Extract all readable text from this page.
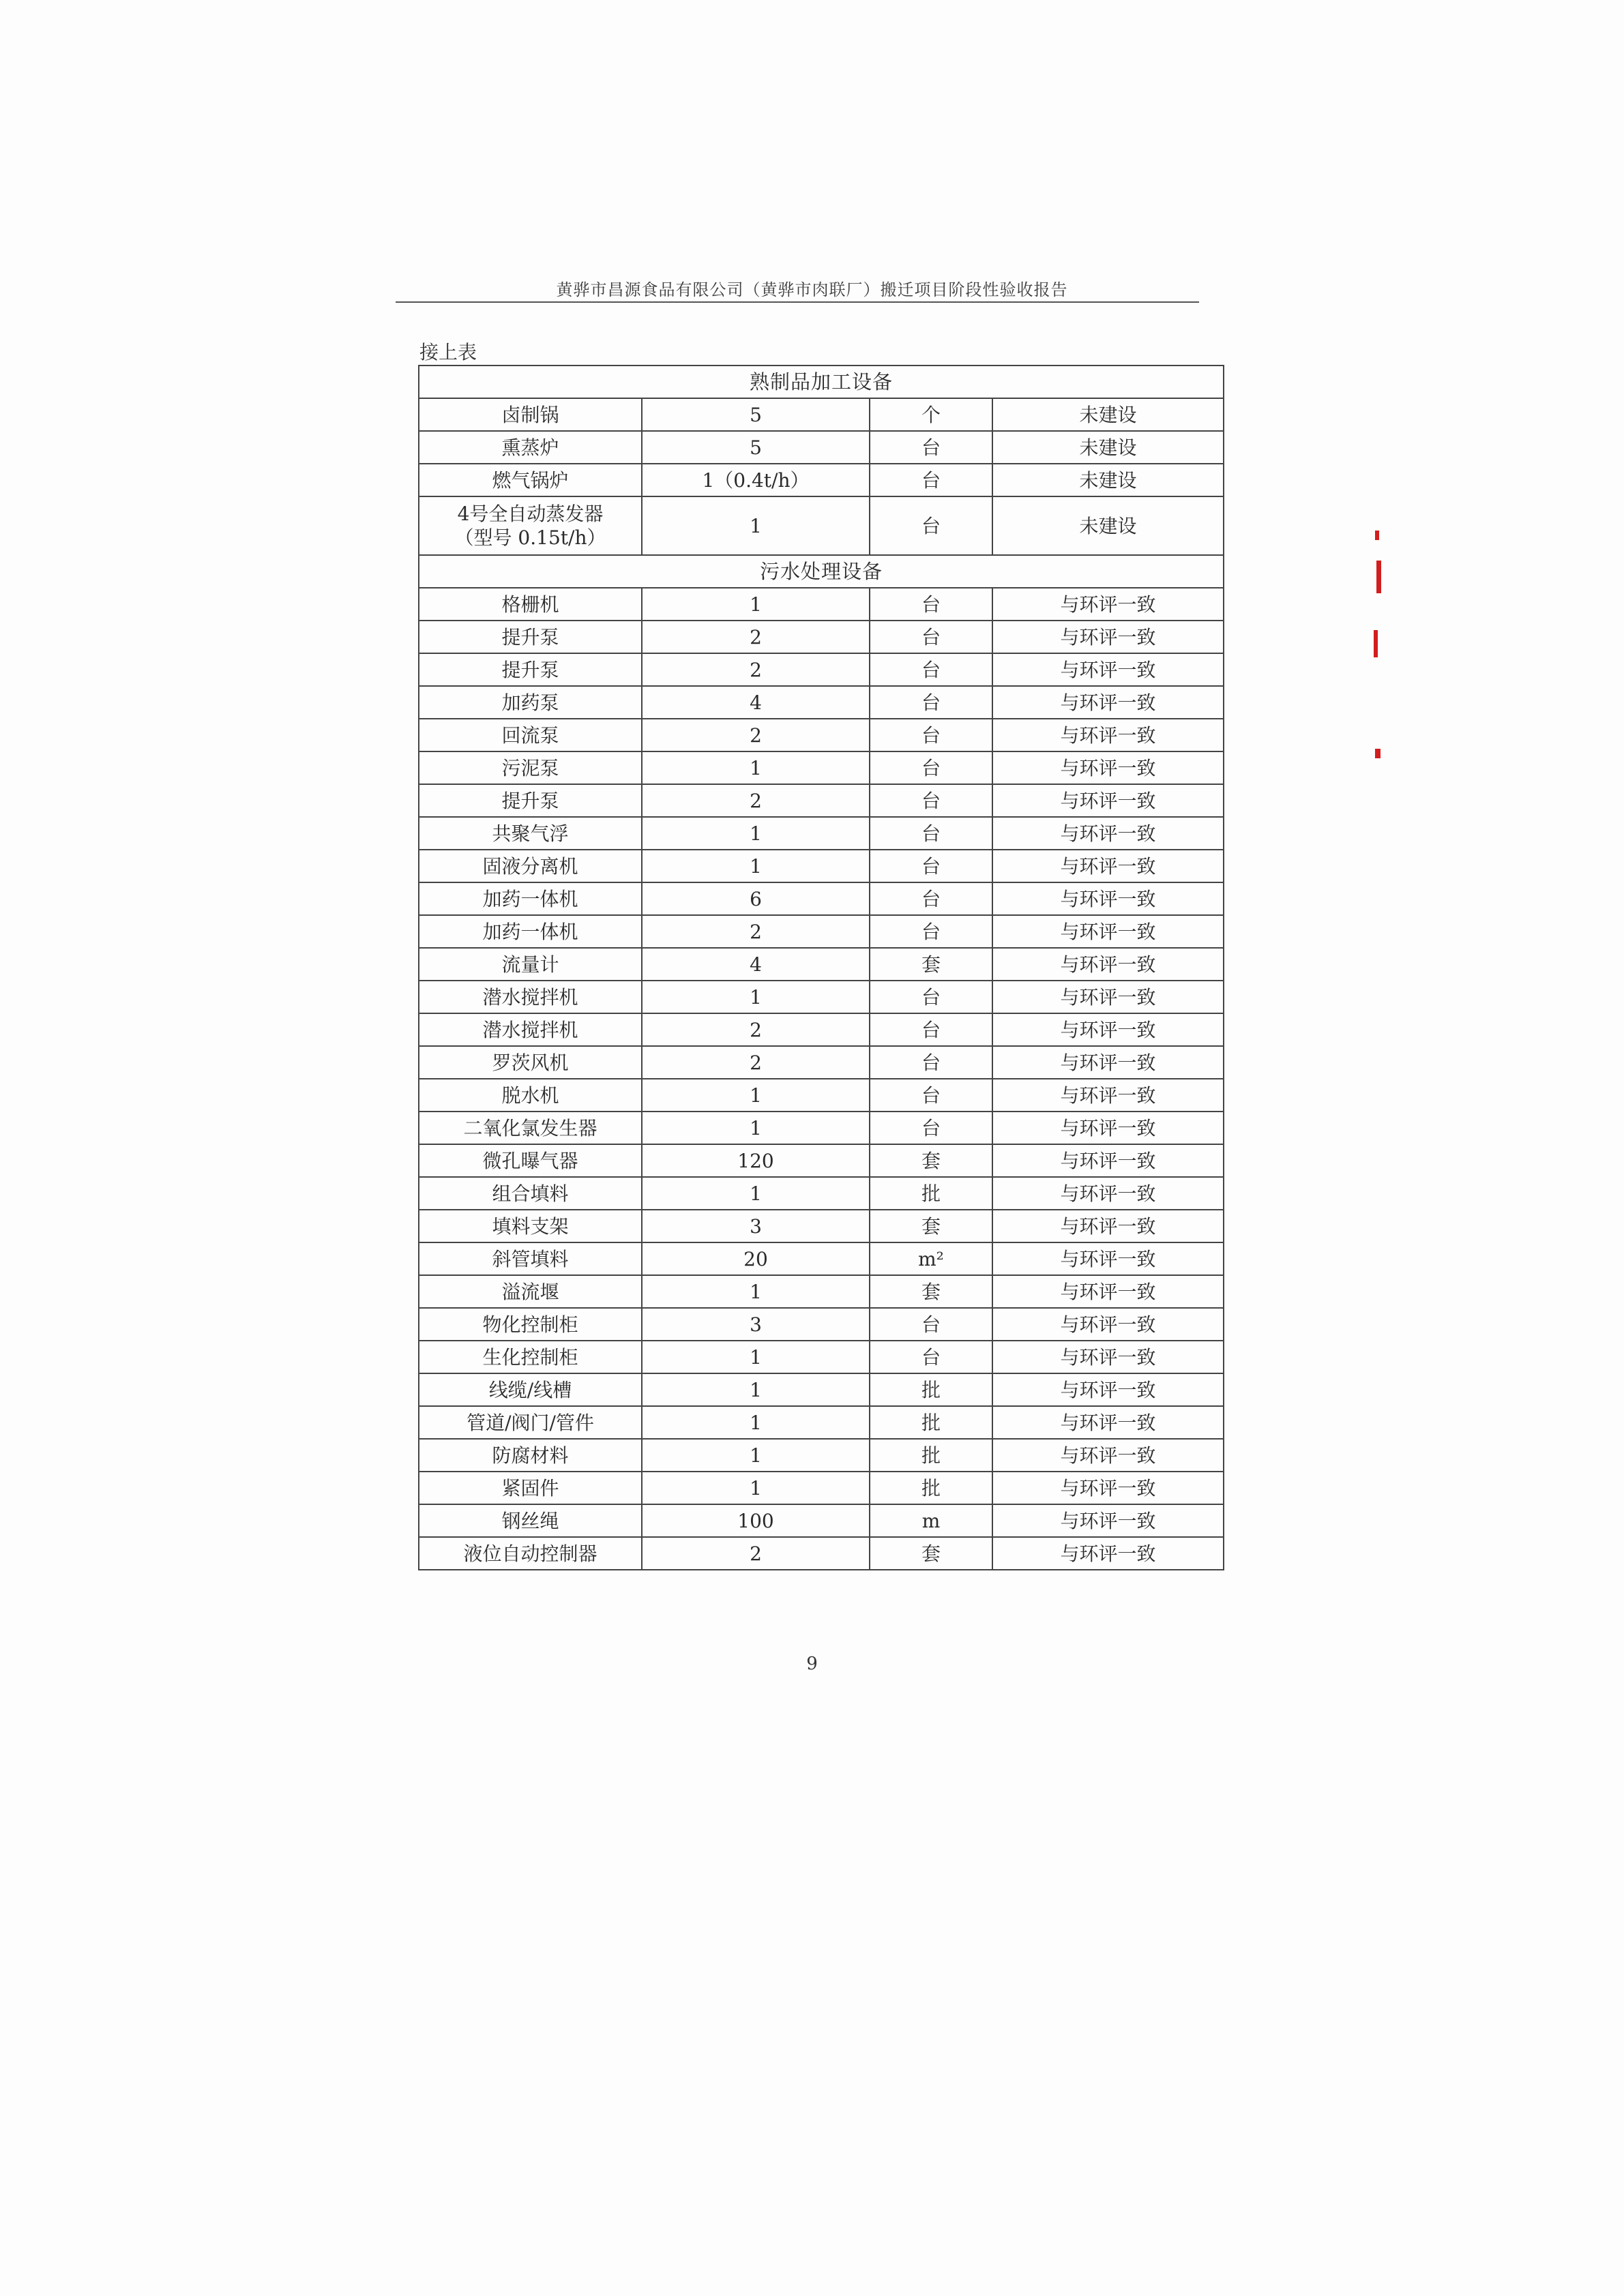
黄骅市昌源食品有限公司（黄骅市肉联厂）搬迁项目阶段性验收报告
接上表
熟制品加工设备			
卤制锅	5	个	未建设
熏蒸炉	5	台	未建设
燃气锅炉	1（0.4t/h）	台	未建设
4号全自动蒸发器
（型号 0.15t/h）	1	台	未建设
污水处理设备			
格栅机	1	台	与环评一致
提升泵	2	台	与环评一致
提升泵	2	台	与环评一致
加药泵	4	台	与环评一致
回流泵	2	台	与环评一致
污泥泵	1	台	与环评一致
提升泵	2	台	与环评一致
共聚气浮	1	台	与环评一致
固液分离机	1	台	与环评一致
加药一体机	6	台	与环评一致
加药一体机	2	台	与环评一致
流量计	4	套	与环评一致
潜水搅拌机	1	台	与环评一致
潜水搅拌机	2	台	与环评一致
罗茨风机	2	台	与环评一致
脱水机	1	台	与环评一致
二氧化氯发生器	1	台	与环评一致
微孔曝气器	120	套	与环评一致
组合填料	1	批	与环评一致
填料支架	3	套	与环评一致
斜管填料	20	m²	与环评一致
溢流堰	1	套	与环评一致
物化控制柜	3	台	与环评一致
生化控制柜	1	台	与环评一致
线缆/线槽	1	批	与环评一致
管道/阀门/管件	1	批	与环评一致
防腐材料	1	批	与环评一致
紧固件	1	批	与环评一致
钢丝绳	100	m	与环评一致
液位自动控制器	2	套	与环评一致
9
